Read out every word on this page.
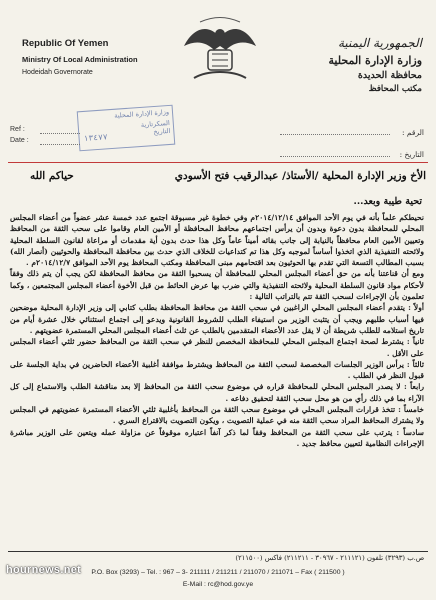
Republic Of Yemen
Ministry Of Local Administration
Hodeidah Governorate
الجمهورية اليمنية
وزارة الإدارة المحلية
محافظة الحديدة
مكتب المحافظ
وزارة الإدارة المحلية
السكرتارية
التاريخ
١٣٤٧٧
Ref :
Date :
الرقم :
التاريخ :
الأخ وزير الإدارة المحلية /الأستاذ/ عبدالرقيب فتح الأسودي
حياكم الله
تحية طيبة وبعد...

نحيطكم علماً بأنه في يوم الأحد الموافق ٢٠١٤/١٢/١٤م وفي خطوة غير مسبوقة اجتمع عدد خمسة عشر عضواً من أعضاء المجلس المحلي للمحافظة بدون دعوة وبدون أن يرأس اجتماعهم محافظ المحافظة أو الأمين العام وقاموا على سحب الثقة من المحافظ وتعيين الأمين العام محافظاً بالنيابة إلى جانب بقائه أميناً عاماً وكل هذا حدث بدون أية مقدمات أو مراعاة لقانون السلطة المحلية ولائحته التنفيذية الذي اتخذوا أساساً لموجبه وكل هذا تم كتداعيات للخلاف الذي حدث بين محافظة المحافظة والحوثيين (أنصار الله) بسبب المطالب التسعة التي تقدم بها الحوثيون بعد اقتحامهم مبنى المحافظة ومكتب المحافظ يوم الأحد الموافق ٢٠١٤/١٢/٧م .

ومع أن قناعتنا بأنه من حق أعضاء المجلس المحلي للمحافظة أن يسحبوا الثقة من محافظ المحافظة لكن يجب أن يتم ذلك وفقاً لأحكام مواد قانون السلطة المحلية ولائحته التنفيذية والتي ضرب بها عرض الحائط من قبل الأخوة أعضاء المجلس المجتمعين ، وكما تعلمون بأن الإجراءات لسحب الثقة تتم بالتراتب التالية :

أولاً : يتقدم أعضاء المجلس المحلي الراغبين في سحب الثقة من محافظ المحافظة بطلب كتابي إلى وزير الإدارة المحلية موضحين فيها أسباب طلبهم ويجب أن يتثبت الوزير من استيفاء الطلب للشروط القانونية ويدعو إلى اجتماع استثنائي خلال عشرة أيام من تاريخ استلامه للطلب شريطة أن لا يقل عدد الأعضاء المتقدمين بالطلب عن ثلث أعضاء المجلس المحلي المستمرة عضويتهم .

ثانياً : يشترط لصحة اجتماع المجلس المحلي للمحافظة المخصص للنظر في سحب الثقة من المحافظ حضور ثلثي أعضاء المجلس على الأقل .

ثالثاً : يرأس الوزير الجلسات المخصصة لسحب الثقة من المحافظ ويشترط موافقة أغلبية الأعضاء الحاضرين في بداية الجلسة على قبول النظر في الطلب .

رابعاً : لا يصدر المجلس المحلي للمحافظة قراره في موضوع سحب الثقة من المحافظ إلا بعد مناقشة الطلب والاستماع إلى كل الآراء بما في ذلك رأي من هو محل سحب الثقة لتحقيق دفاعه .

خامساً : تتخذ قرارات المجلس المحلي في موضوع سحب الثقة من المحافظ بأغلبية ثلثي الأعضاء المستمرة عضويتهم في المجلس ولا يشترك المحافظ المراد سحب الثقة منه في عملية التصويت ، ويكون التصويت بالاقتراع السري .

سادساً : يترتب على سحب الثقة من المحافظ وفقاً لما ذكر آنفاً اعتباره موقوفاً عن مزاولة عمله ويتعين على الوزير مباشرة الإجراءات النظامية لتعيين محافظ جديد .

ص.ب (٣٢٩٣) تلفون (٢١١١٢١ - ٣٠٩٦٧ - ٢١١٢١١) فاكس (٢١١٥٠٠)
P.O. Box (3293) – Tel. : 967 – 3- 211111 / 211211 / 211070 / 211071 – Fax ( 211500 )
E-Mail : rc@hod.gov.ye
hournews.net
